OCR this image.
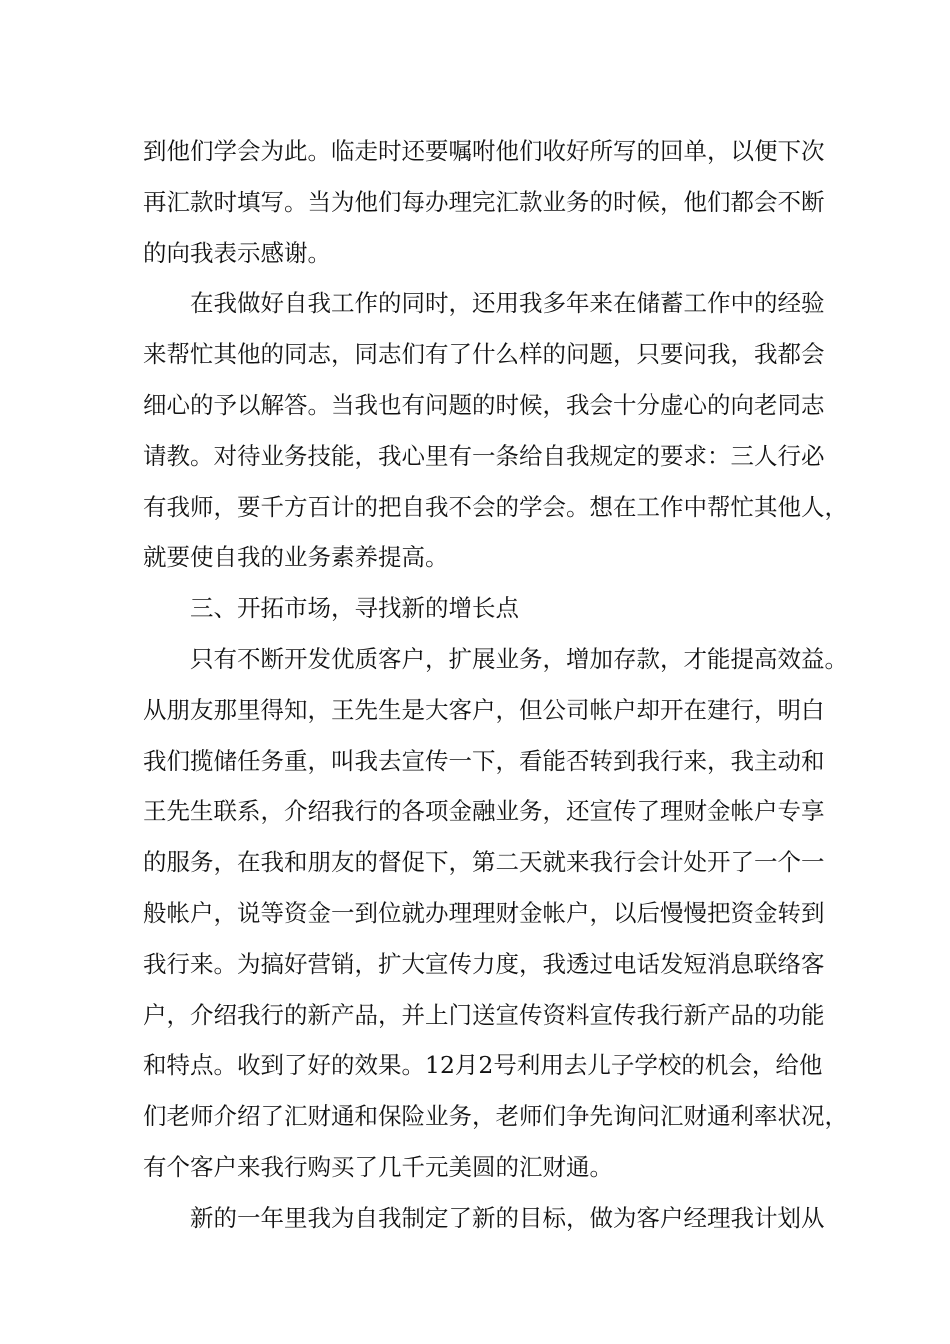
到他们学会为此。临走时还要嘱咐他们收好所写的回单，以便下次
再汇款时填写。当为他们每办理完汇款业务的时候，他们都会不断
的向我表示感谢。
在我做好自我工作的同时，还用我多年来在储蓄工作中的经验
来帮忙其他的同志，同志们有了什么样的问题，只要问我，我都会
细心的予以解答。当我也有问题的时候，我会十分虚心的向老同志
请教。对待业务技能，我心里有一条给自我规定的要求：三人行必
有我师，要千方百计的把自我不会的学会。想在工作中帮忙其他人，
就要使自我的业务素养提高。
三、开拓市场，寻找新的增长点
只有不断开发优质客户，扩展业务，增加存款，才能提高效益。
从朋友那里得知，王先生是大客户，但公司帐户却开在建行，明白
我们揽储任务重，叫我去宣传一下，看能否转到我行来，我主动和
王先生联系，介绍我行的各项金融业务，还宣传了理财金帐户专享
的服务，在我和朋友的督促下，第二天就来我行会计处开了一个一
般帐户，说等资金一到位就办理理财金帐户，以后慢慢把资金转到
我行来。为搞好营销，扩大宣传力度，我透过电话发短消息联络客
户，介绍我行的新产品，并上门送宣传资料宣传我行新产品的功能
和特点。收到了好的效果。12月2号利用去儿子学校的机会，给他
们老师介绍了汇财通和保险业务，老师们争先询问汇财通利率状况，
有个客户来我行购买了几千元美圆的汇财通。
新的一年里我为自我制定了新的目标，做为客户经理我计划从
